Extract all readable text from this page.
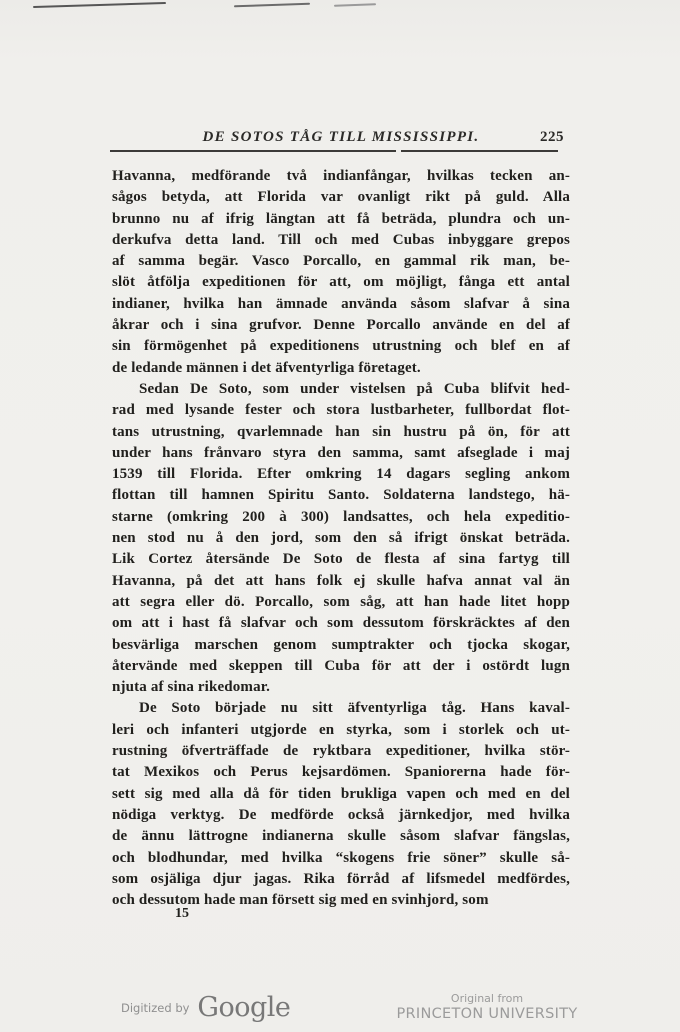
DE SOTOS TÅG TILL MISSISSIPPI.	225
Havanna, medförande två indianfångar, hvilkas tecken an-
sågos betyda, att Florida var ovanligt rikt på guld. Alla
brunno nu af ifrig längtan att få beträda, plundra och un-
derkufva detta land. Till och med Cubas inbyggare grepos
af samma begär. Vasco Porcallo, en gammal rik man, be-
slöt åtfölja expeditionen för att, om möjligt, fånga ett antal
indianer, hvilka han ämnade använda såsom slafvar å sina
åkrar och i sina grufvor. Denne Porcallo använde en del af
sin förmögenhet på expeditionens utrustning och blef en af
de ledande männen i det äfventyrliga företaget.
Sedan De Soto, som under vistelsen på Cuba blifvit hed-
rad med lysande fester och stora lustbarheter, fullbordat flot-
tans utrustning, qvarlemnade han sin hustru på ön, för att
under hans frånvaro styra den samma, samt afseglade i maj
1539 till Florida. Efter omkring 14 dagars segling ankom
flottan till hamnen Spiritu Santo. Soldaterna landstego, hä-
starne (omkring 200 à 300) landsattes, och hela expeditio-
nen stod nu å den jord, som den så ifrigt önskat beträda.
Lik Cortez återsände De Soto de flesta af sina fartyg till
Havanna, på det att hans folk ej skulle hafva annat val än
att segra eller dö. Porcallo, som såg, att han hade litet hopp
om att i hast få slafvar och som dessutom förskräcktes af den
besvärliga marschen genom sumptrakter och tjocka skogar,
återvände med skeppen till Cuba för att der i ostördt lugn
njuta af sina rikedomar.
De Soto började nu sitt äfventyrliga tåg. Hans kaval-
leri och infanteri utgjorde en styrka, som i storlek och ut-
rustning öfverträffade de ryktbara expeditioner, hvilka stör-
tat Mexikos och Perus kejsardömen. Spaniorerna hade för-
sett sig med alla då för tiden brukliga vapen och med en del
nödiga verktyg. De medförde också järnkedjor, med hvilka
de ännu lättrogne indianerna skulle såsom slafvar fängslas,
och blodhundar, med hvilka “skogens frie söner” skulle så-
som osjäliga djur jagas. Rika förråd af lifsmedel medfördes,
och dessutom hade man försett sig med en svinhjord, som
15
Digitized by Google	Original from
PRINCETON UNIVERSITY
